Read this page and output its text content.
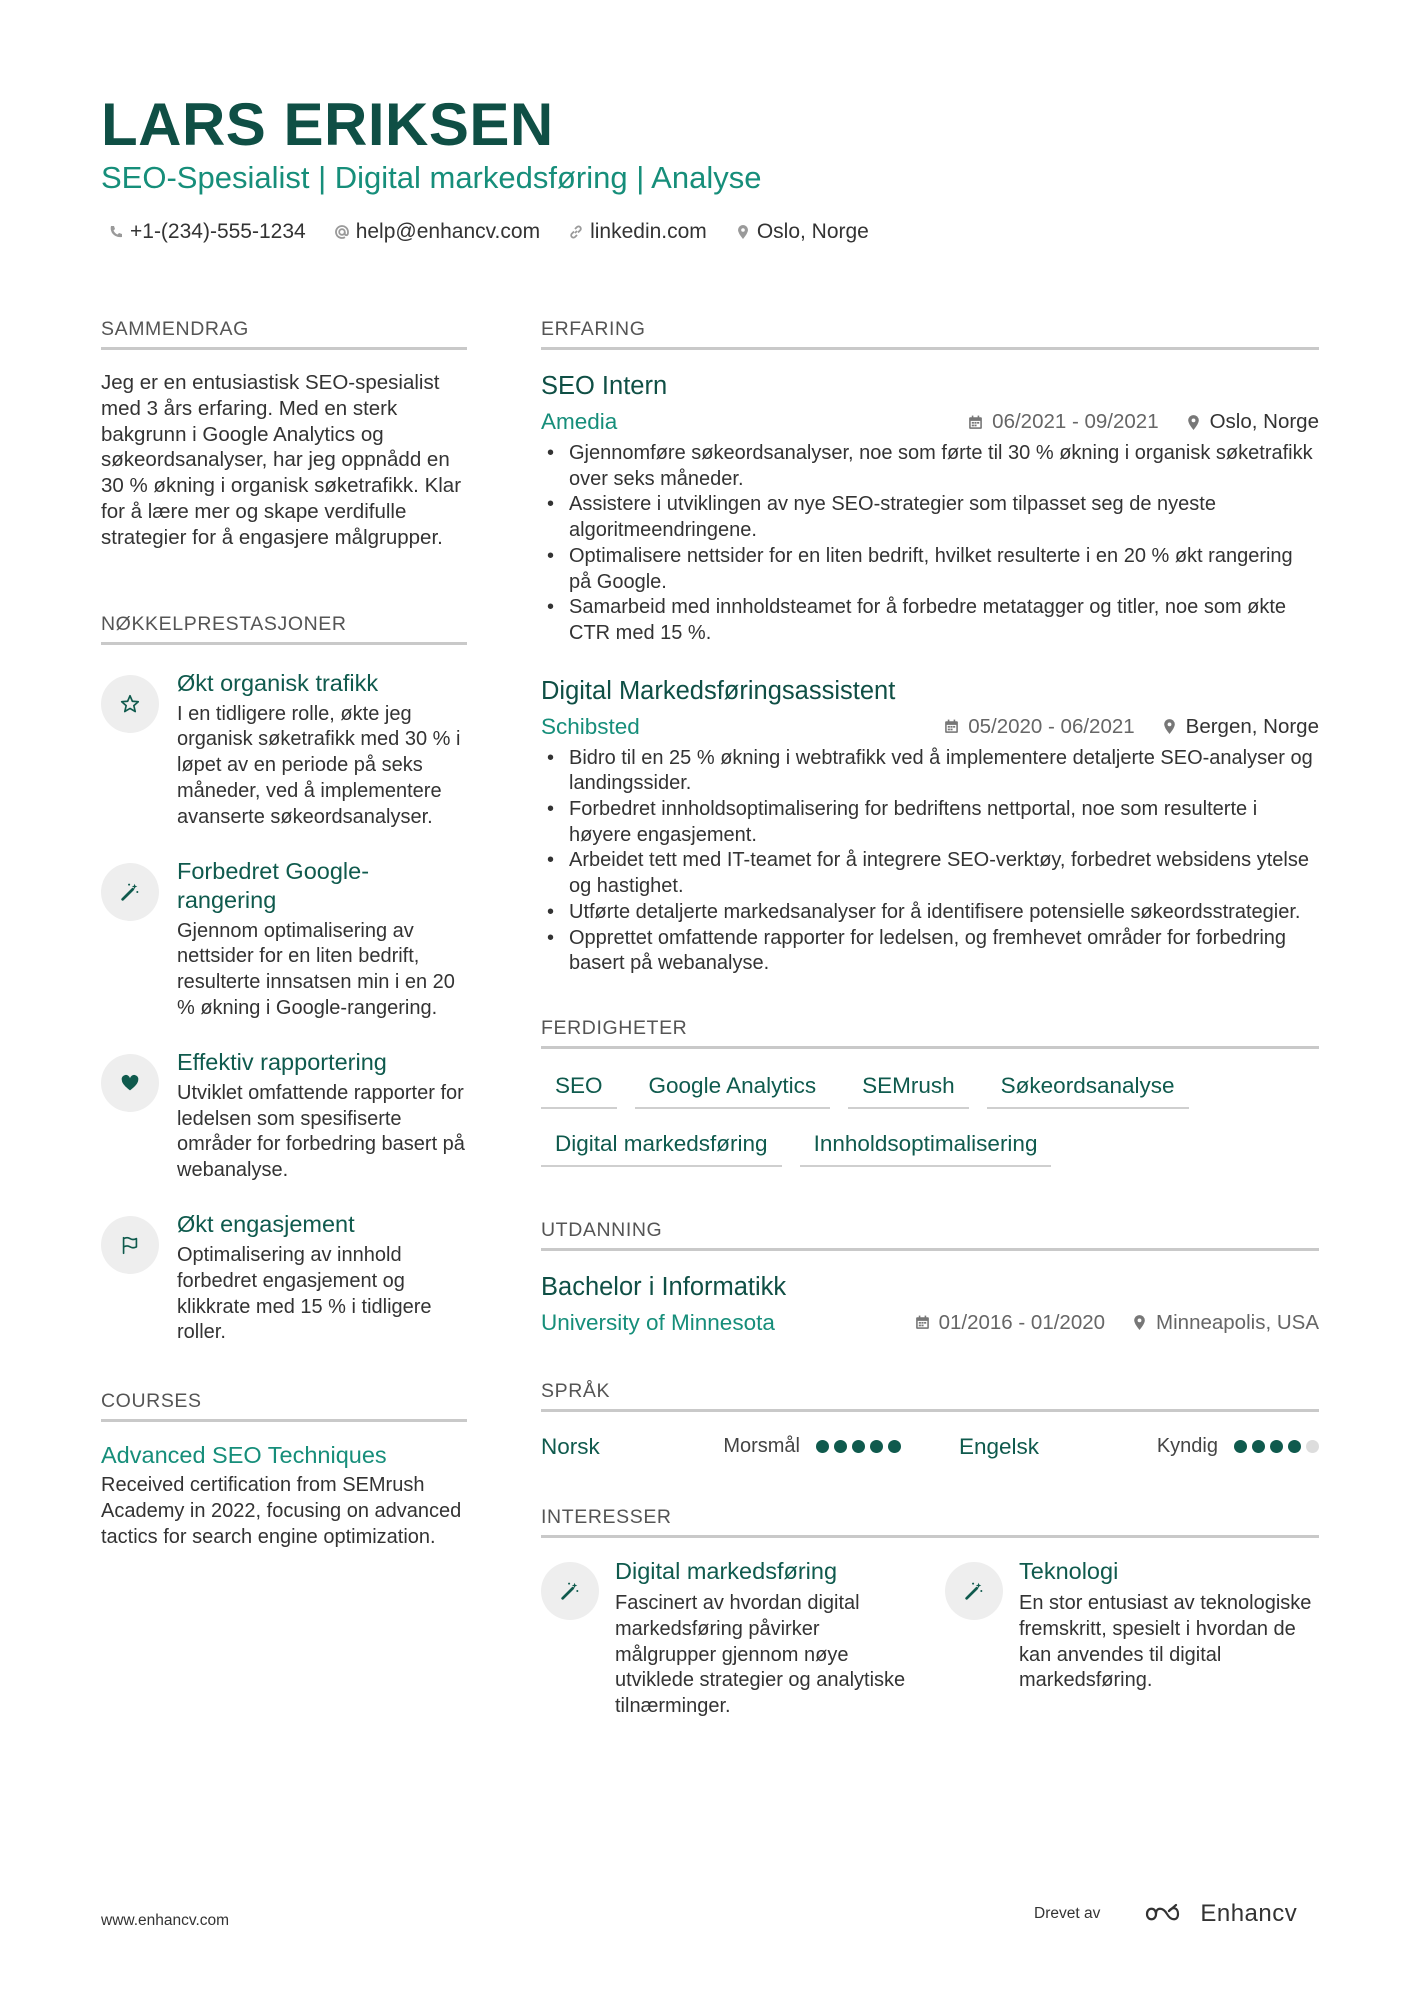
LARS ERIKSEN
SEO-Spesialist | Digital markedsføring | Analyse
+1-(234)-555-1234 help@enhancv.com linkedin.com Oslo, Norge
SAMMENDRAG
Jeg er en entusiastisk SEO-spesialist med 3 års erfaring. Med en sterk bakgrunn i Google Analytics og søkeordsanalyser, har jeg oppnådd en 30 % økning i organisk søketrafikk. Klar for å lære mer og skape verdifulle strategier for å engasjere målgrupper.
NØKKELPRESTASJONER
Økt organisk trafikk
I en tidligere rolle, økte jeg organisk søketrafikk med 30 % i løpet av en periode på seks måneder, ved å implementere avanserte søkeordsanalyser.
Forbedret Google-rangering
Gjennom optimalisering av nettsider for en liten bedrift, resulterte innsatsen min i en 20 % økning i Google-rangering.
Effektiv rapportering
Utviklet omfattende rapporter for ledelsen som spesifiserte områder for forbedring basert på webanalyse.
Økt engasjement
Optimalisering av innhold forbedret engasjement og klikkrate med 15 % i tidligere roller.
COURSES
Advanced SEO Techniques
Received certification from SEMrush Academy in 2022, focusing on advanced tactics for search engine optimization.
ERFARING
SEO Intern
Amedia	06/2021 - 09/2021 Oslo, Norge
• Gjennomføre søkeordsanalyser, noe som førte til 30 % økning i organisk søketrafikk over seks måneder.
• Assistere i utviklingen av nye SEO-strategier som tilpasset seg de nyeste algoritmeendringene.
• Optimalisere nettsider for en liten bedrift, hvilket resulterte i en 20 % økt rangering på Google.
• Samarbeid med innholdsteamet for å forbedre metatagger og titler, noe som økte CTR med 15 %.
Digital Markedsføringsassistent
Schibsted	05/2020 - 06/2021 Bergen, Norge
• Bidro til en 25 % økning i webtrafikk ved å implementere detaljerte SEO-analyser og landingssider.
• Forbedret innholdsoptimalisering for bedriftens nettportal, noe som resulterte i høyere engasjement.
• Arbeidet tett med IT-teamet for å integrere SEO-verktøy, forbedret websidens ytelse og hastighet.
• Utførte detaljerte markedsanalyser for å identifisere potensielle søkeordsstrategier.
• Opprettet omfattende rapporter for ledelsen, og fremhevet områder for forbedring basert på webanalyse.
FERDIGHETER
SEO	Google Analytics	SEMrush	Søkeordsanalyse
Digital markedsføring	Innholdsoptimalisering
UTDANNING
Bachelor i Informatikk
University of Minnesota	01/2016 - 01/2020 Minneapolis, USA
SPRÅK
Norsk	Morsmål	Engelsk	Kyndig
INTERESSER
Digital markedsføring
Fascinert av hvordan digital markedsføring påvirker målgrupper gjennom nøye utviklede strategier og analytiske tilnærminger.
Teknologi
En stor entusiast av teknologiske fremskritt, spesielt i hvordan de kan anvendes til digital markedsføring.
www.enhancv.com	Drevet av	Enhancv
